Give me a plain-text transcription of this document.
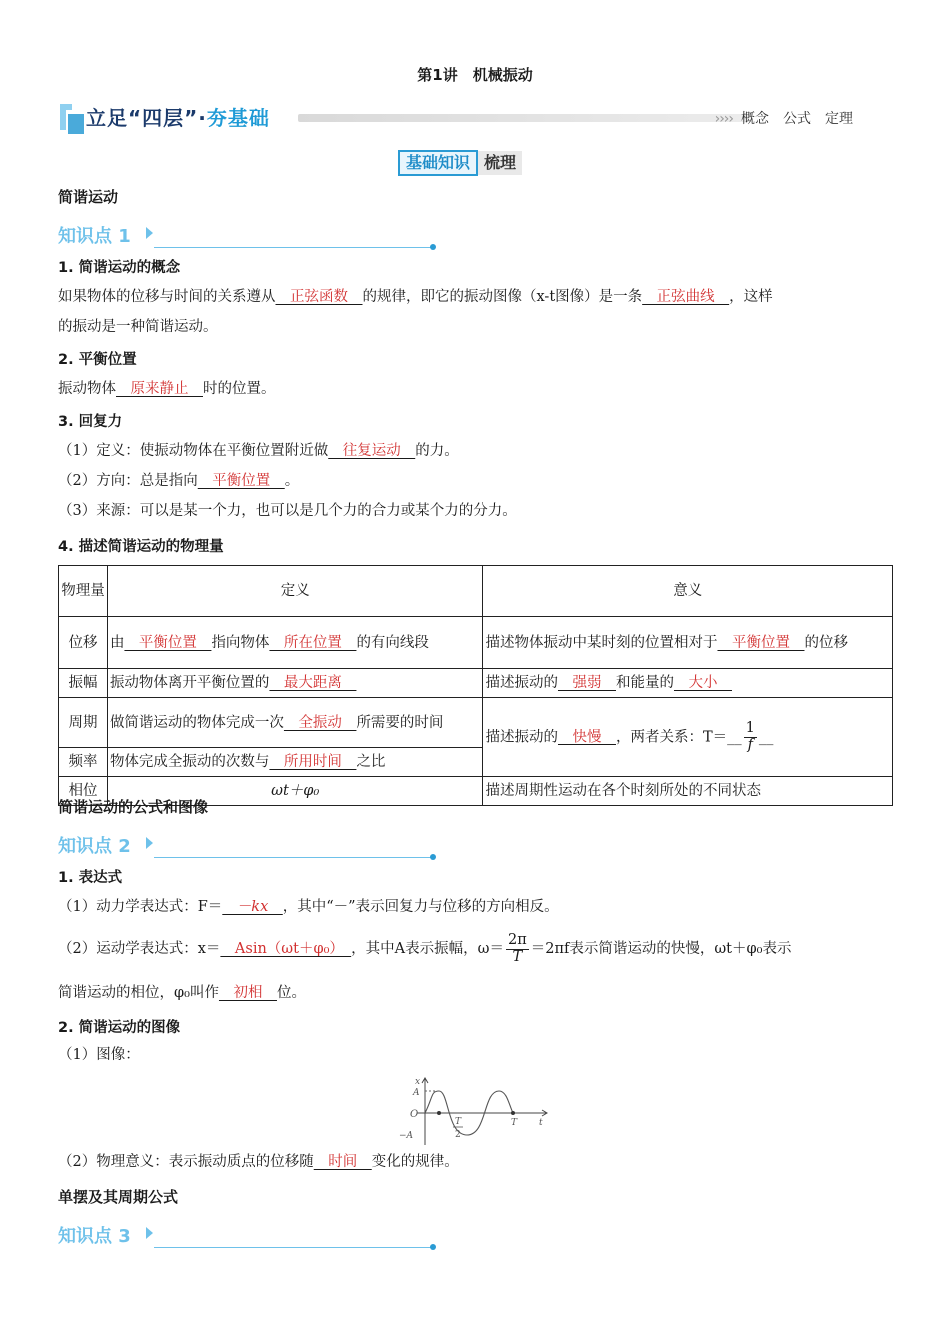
第1讲　机械振动
立足“四层”·夯基础	›››› 概念 公式 定理
基础知识 梳理
简谐运动
知识点 1
1. 简谐运动的概念
如果物体的位移与时间的关系遵从　正弦函数　的规律，即它的振动图像（x-t图像）是一条　正弦曲线　，这样
的振动是一种简谐运动。
2. 平衡位置
振动物体　原来静止　时的位置。
3. 回复力
（1）定义：使振动物体在平衡位置附近做　往复运动　的力。
（2）方向：总是指向　平衡位置　。
（3）来源：可以是某一个力，也可以是几个力的合力或某个力的分力。
4. 描述简谐运动的物理量
物理量	定义	意义
位移	由　平衡位置　指向物体　所在位置　的有向线段	描述物体振动中某时刻的位置相对于　平衡位置　的位移
振幅	振动物体离开平衡位置的　最大距离　	描述振动的　强弱　和能量的　大小　
周期	做简谐运动的物体完成一次　全振动　所需要的时间	描述振动的　快慢　，两者关系：T＝__ $\frac{1}{f}$ __
频率	物体完成全振动的次数与　所用时间　之比	
相位	ωt＋φ₀	描述周期性运动在各个时刻所处的不同状态
简谐运动的公式和图像
知识点 2
1. 表达式
（1）动力学表达式：F＝　－kx　，其中“－”表示回复力与位移的方向相反。
（2）运动学表达式：x＝　Asin（ωt＋φ₀）　，其中A表示振幅，$\omega= \frac{2\pi}{T} =2\pi f$表示简谐运动的快慢，ωt＋φ₀表示
简谐运动的相位，φ₀叫作　初相　位。
2. 简谐运动的图像
（1）图像：
x
A
O
−A
T
2
T t
（2）物理意义：表示振动质点的位移随　时间　变化的规律。
单摆及其周期公式
知识点 3
